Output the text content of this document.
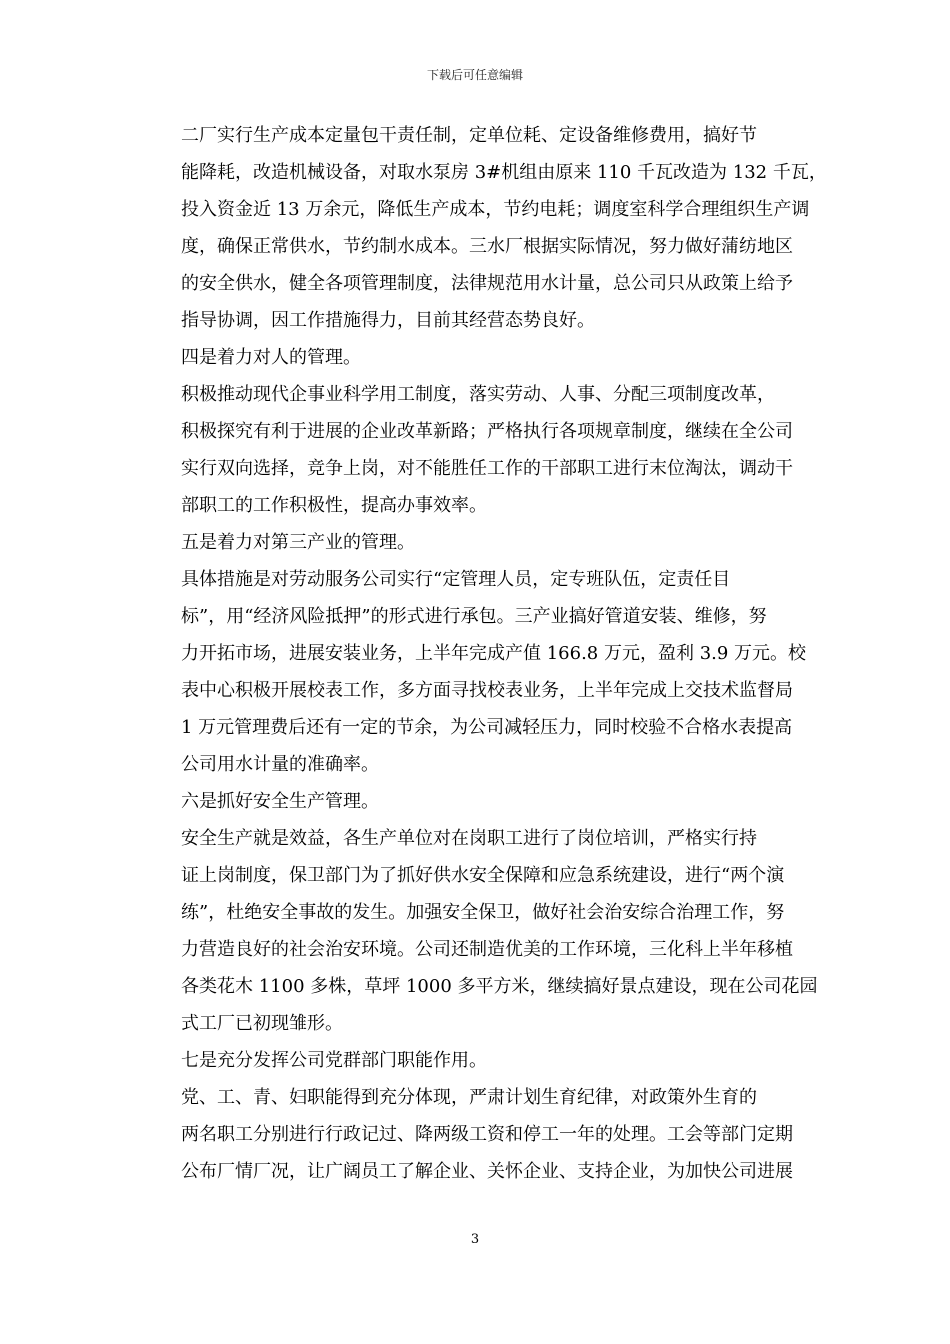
下载后可任意编辑

二厂实行生产成本定量包干责任制，定单位耗、定设备维修费用，搞好节
能降耗，改造机械设备，对取水泵房 3#机组由原来 110 千瓦改造为 132 千瓦，
投入资金近 13 万余元，降低生产成本，节约电耗；调度室科学合理组织生产调
度，确保正常供水，节约制水成本。三水厂根据实际情况，努力做好蒲纺地区
的安全供水，健全各项管理制度，法律规范用水计量，总公司只从政策上给予
指导协调，因工作措施得力，目前其经营态势良好。

四是着力对人的管理。

积极推动现代企事业科学用工制度，落实劳动、人事、分配三项制度改革，
积极探究有利于进展的企业改革新路；严格执行各项规章制度，继续在全公司
实行双向选择，竞争上岗，对不能胜任工作的干部职工进行末位淘汰，调动干
部职工的工作积极性，提高办事效率。

五是着力对第三产业的管理。

具体措施是对劳动服务公司实行“定管理人员，定专班队伍，定责任目
标”，用“经济风险抵押”的形式进行承包。三产业搞好管道安装、维修，努
力开拓市场，进展安装业务，上半年完成产值 166.8 万元，盈利 3.9 万元。校
表中心积极开展校表工作，多方面寻找校表业务，上半年完成上交技术监督局
1 万元管理费后还有一定的节余，为公司减轻压力，同时校验不合格水表提高
公司用水计量的准确率。

六是抓好安全生产管理。

安全生产就是效益，各生产单位对在岗职工进行了岗位培训，严格实行持
证上岗制度，保卫部门为了抓好供水安全保障和应急系统建设，进行“两个演
练”，杜绝安全事故的发生。加强安全保卫，做好社会治安综合治理工作，努
力营造良好的社会治安环境。公司还制造优美的工作环境，三化科上半年移植
各类花木 1100 多株，草坪 1000 多平方米，继续搞好景点建设，现在公司花园
式工厂已初现雏形。

七是充分发挥公司党群部门职能作用。

党、工、青、妇职能得到充分体现，严肃计划生育纪律，对政策外生育的
两名职工分别进行行政记过、降两级工资和停工一年的处理。工会等部门定期
公布厂情厂况，让广阔员工了解企业、关怀企业、支持企业，为加快公司进展

3
